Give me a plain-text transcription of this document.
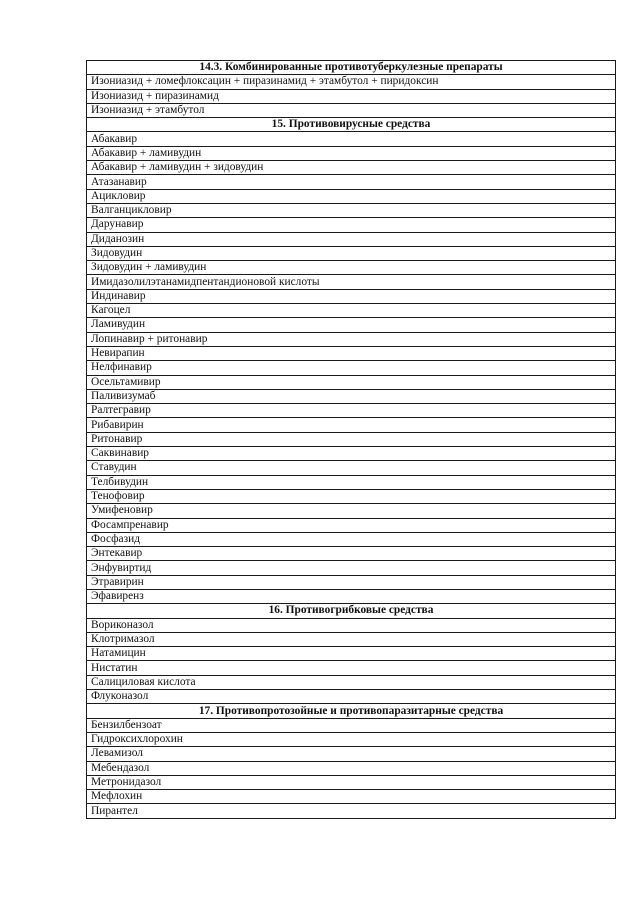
14.3. Комбинированные противотуберкулезные препараты
Изониазид + ломефлоксацин + пиразинамид + этамбутол + пиридоксин
Изониазид + пиразинамид
Изониазид + этамбутол
15. Противовирусные средства
Абакавир
Абакавир + ламивудин
Абакавир + ламивудин + зидовудин
Атазанавир
Ацикловир
Валганцикловир
Дарунавир
Диданозин
Зидовудин
Зидовудин + ламивудин
Имидазолилэтанамидпентандионовой кислоты
Индинавир
Кагоцел
Ламивудин
Лопинавир + ритонавир
Невирапин
Нелфинавир
Осельтамивир
Паливизумаб
Ралтегравир
Рибавирин
Ритонавир
Саквинавир
Ставудин
Телбивудин
Тенофовир
Умифеновир
Фосампренавир
Фосфазид
Энтекавир
Энфувиртид
Этравирин
Эфавиренз
16. Противогрибковые средства
Вориконазол
Клотримазол
Натамицин
Нистатин
Салициловая кислота
Флуконазол
17. Противопротозойные и противопаразитарные средства
Бензилбензоат
Гидроксихлорохин
Левамизол
Мебендазол
Метронидазол
Мефлохин
Пирантел
